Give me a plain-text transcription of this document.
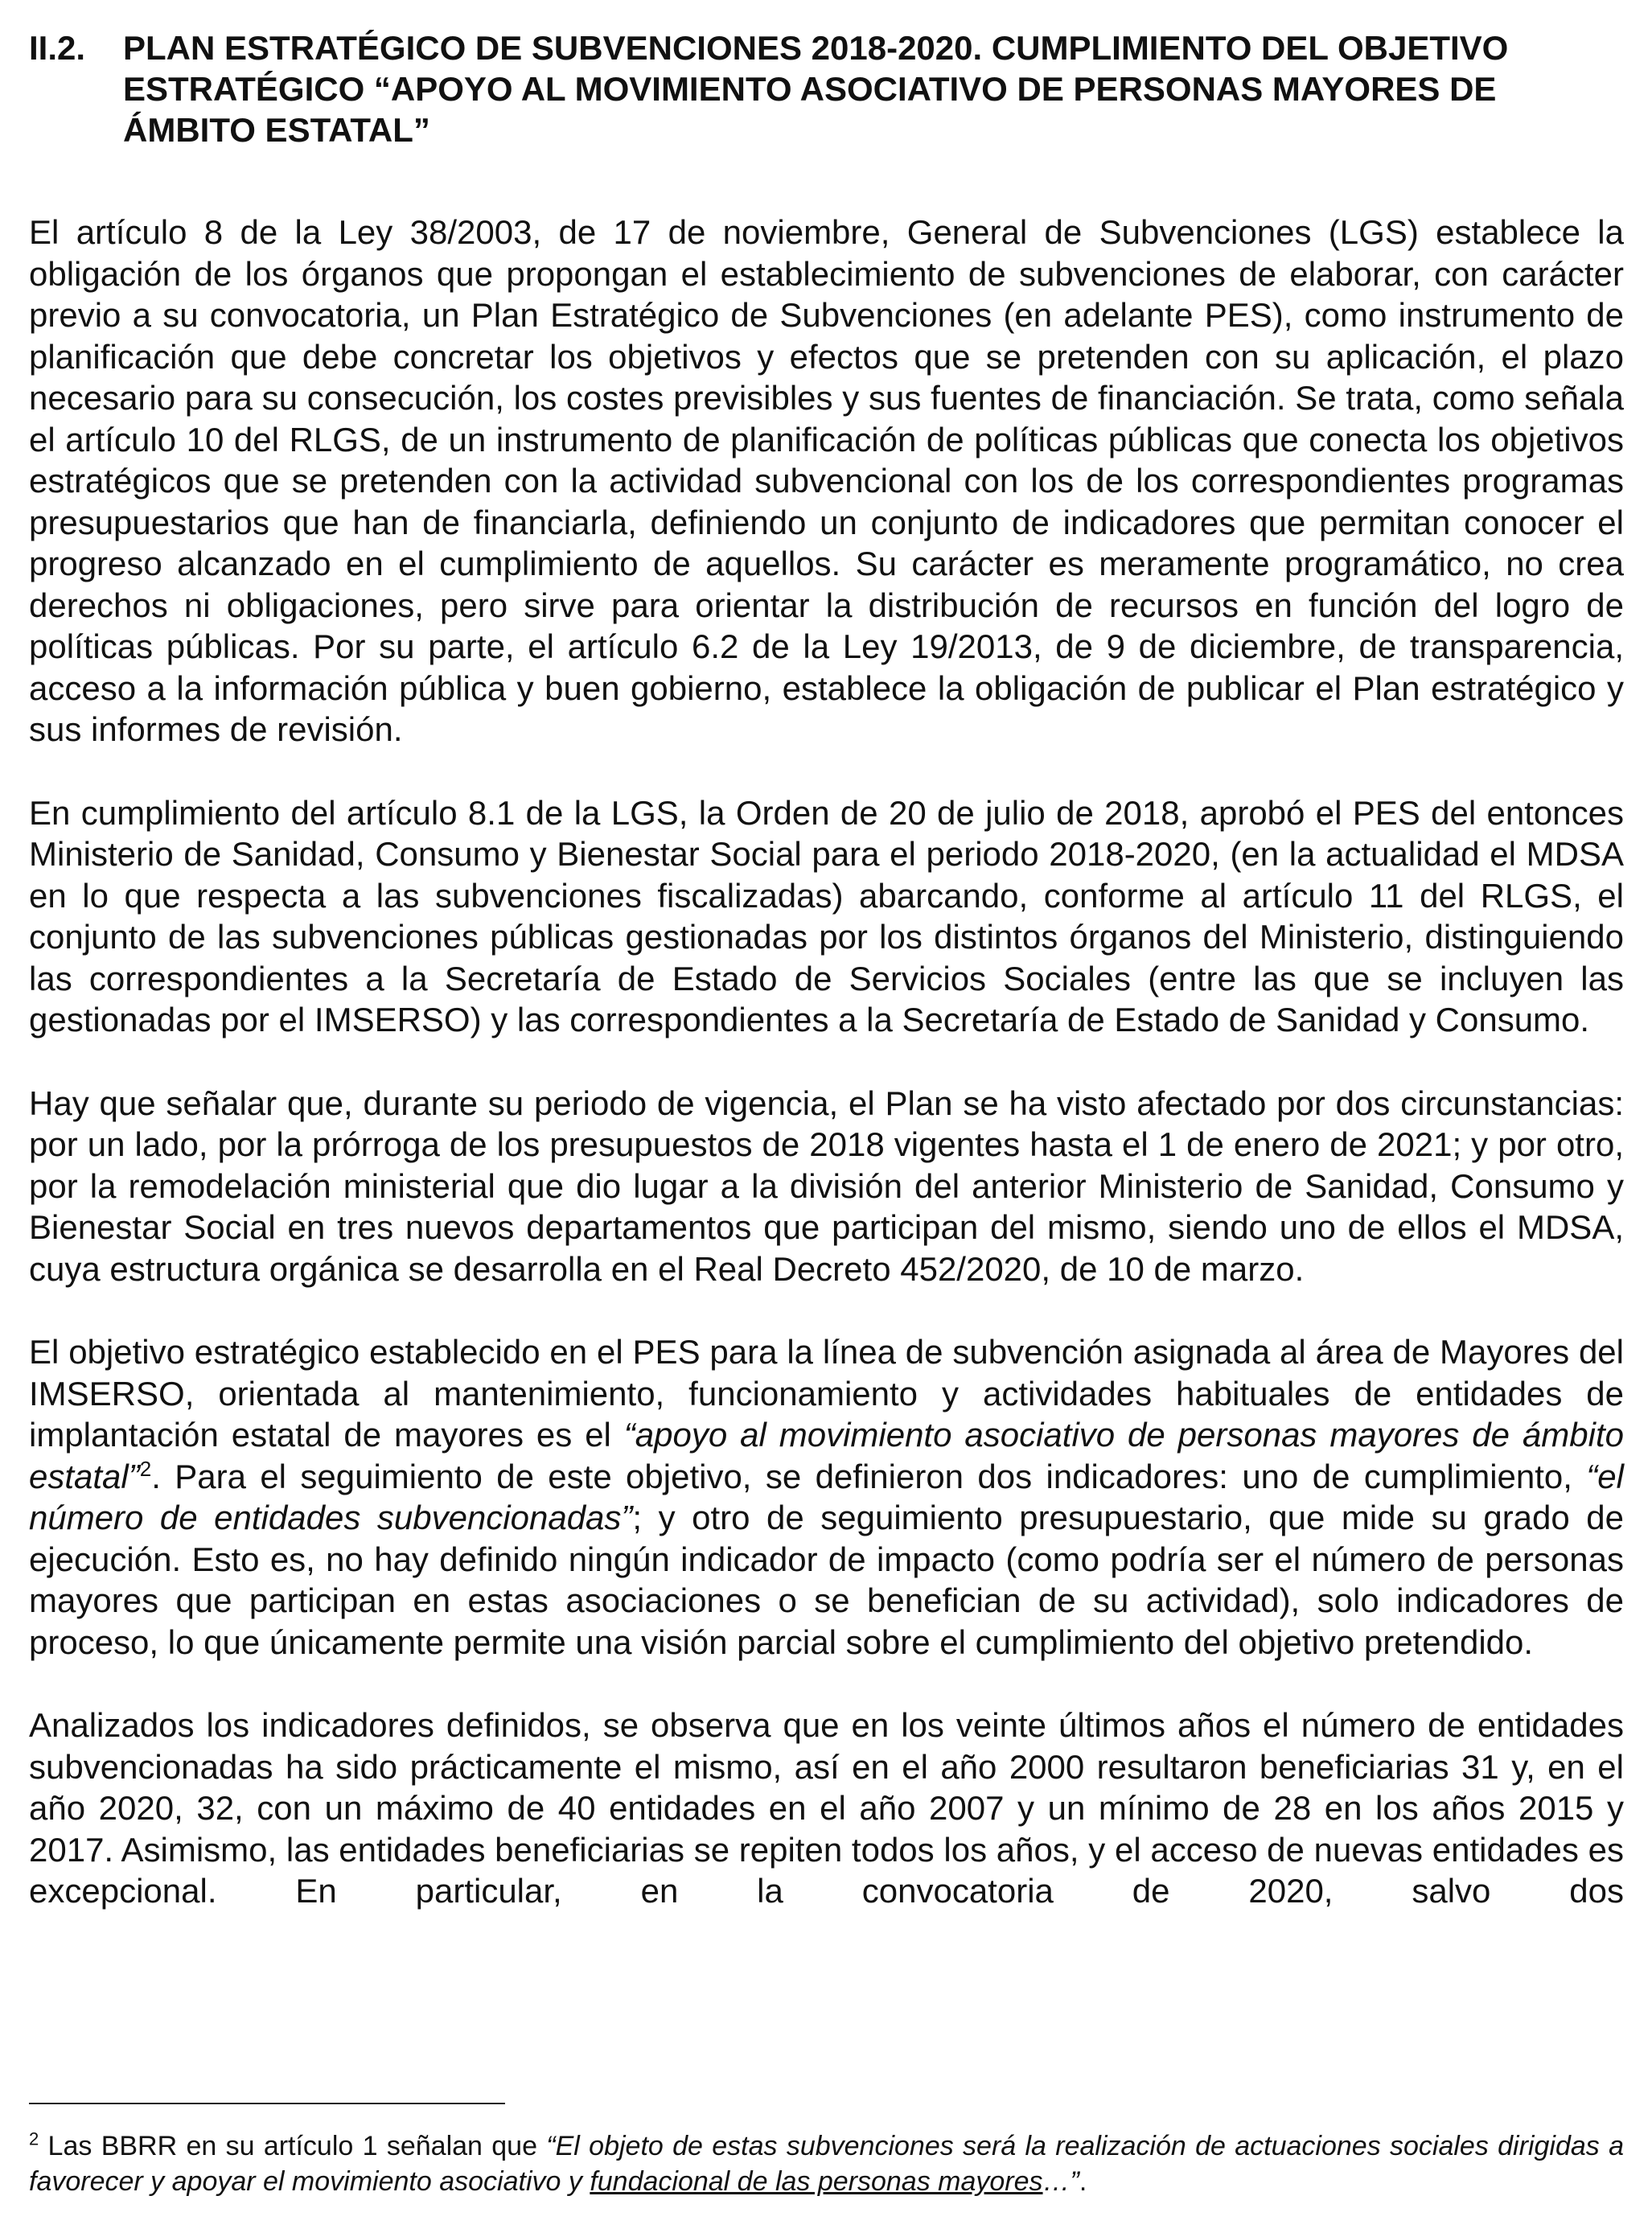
II.2.	PLAN ESTRATÉGICO DE SUBVENCIONES 2018-2020. CUMPLIMIENTO DEL OBJETIVO ESTRATÉGICO “APOYO AL MOVIMIENTO ASOCIATIVO DE PERSONAS MAYORES DE ÁMBITO ESTATAL”

El artículo 8 de la Ley 38/2003, de 17 de noviembre, General de Subvenciones (LGS) establece la obligación de los órganos que propongan el establecimiento de subvenciones de elaborar, con carácter previo a su convocatoria, un Plan Estratégico de Subvenciones (en adelante PES), como instrumento de planificación que debe concretar los objetivos y efectos que se pretenden con su aplicación, el plazo necesario para su consecución, los costes previsibles y sus fuentes de financiación. Se trata, como señala el artículo 10 del RLGS, de un instrumento de planificación de políticas públicas que conecta los objetivos estratégicos que se pretenden con la actividad subvencional con los de los correspondientes programas presupuestarios que han de financiarla, definiendo un conjunto de indicadores que permitan conocer el progreso alcanzado en el cumplimiento de aquellos. Su carácter es meramente programático, no crea derechos ni obligaciones, pero sirve para orientar la distribución de recursos en función del logro de políticas públicas. Por su parte, el artículo 6.2 de la Ley 19/2013, de 9 de diciembre, de transparencia, acceso a la información pública y buen gobierno, establece la obligación de publicar el Plan estratégico y sus informes de revisión.

En cumplimiento del artículo 8.1 de la LGS, la Orden de 20 de julio de 2018, aprobó el PES del entonces Ministerio de Sanidad, Consumo y Bienestar Social para el periodo 2018-2020, (en la actualidad el MDSA en lo que respecta a las subvenciones fiscalizadas) abarcando, conforme al artículo 11 del RLGS, el conjunto de las subvenciones públicas gestionadas por los distintos órganos del Ministerio, distinguiendo las correspondientes a la Secretaría de Estado de Servicios Sociales (entre las que se incluyen las gestionadas por el IMSERSO) y las correspondientes a la Secretaría de Estado de Sanidad y Consumo.

Hay que señalar que, durante su periodo de vigencia, el Plan se ha visto afectado por dos circunstancias: por un lado, por la prórroga de los presupuestos de 2018 vigentes hasta el 1 de enero de 2021; y por otro, por la remodelación ministerial que dio lugar a la división del anterior Ministerio de Sanidad, Consumo y Bienestar Social en tres nuevos departamentos que participan del mismo, siendo uno de ellos el MDSA, cuya estructura orgánica se desarrolla en el Real Decreto 452/2020, de 10 de marzo.

El objetivo estratégico establecido en el PES para la línea de subvención asignada al área de Mayores del IMSERSO, orientada al mantenimiento, funcionamiento y actividades habituales de entidades de implantación estatal de mayores es el “apoyo al movimiento asociativo de personas mayores de ámbito estatal”$^2$. Para el seguimiento de este objetivo, se definieron dos indicadores: uno de cumplimiento, “el número de entidades subvencionadas”; y otro de seguimiento presupuestario, que mide su grado de ejecución. Esto es, no hay definido ningún indicador de impacto (como podría ser el número de personas mayores que participan en estas asociaciones o se benefician de su actividad), solo indicadores de proceso, lo que únicamente permite una visión parcial sobre el cumplimiento del objetivo pretendido.

Analizados los indicadores definidos, se observa que en los veinte últimos años el número de entidades subvencionadas ha sido prácticamente el mismo, así en el año 2000 resultaron beneficiarias 31 y, en el año 2020, 32, con un máximo de 40 entidades en el año 2007 y un mínimo de 28 en los años 2015 y 2017. Asimismo, las entidades beneficiarias se repiten todos los años, y el acceso de nuevas entidades es excepcional. En particular, en la convocatoria de 2020, salvo dos

$^2$ Las BBRR en su artículo 1 señalan que “El objeto de estas subvenciones será la realización de actuaciones sociales dirigidas a favorecer y apoyar el movimiento asociativo y fundacional de las personas mayores…”.
